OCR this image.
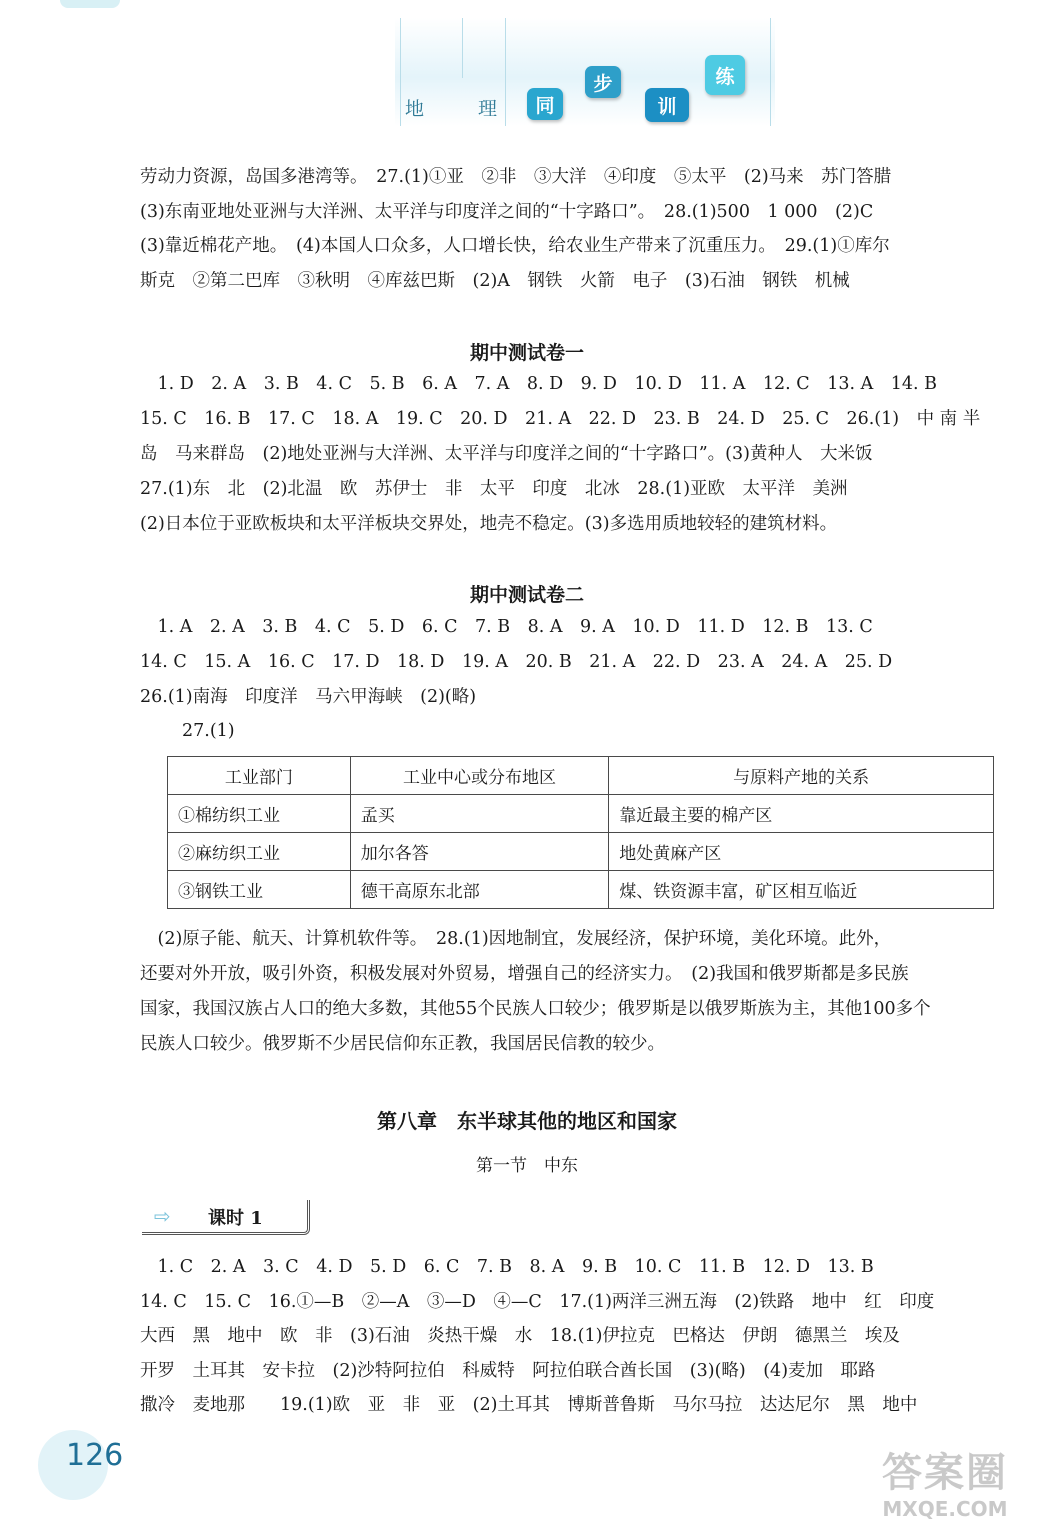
地 理 同
步
训
练

劳动力资源，岛国多港湾等。　27.(1)①亚　②非　③大洋　④印度　⑤太平　(2)马来　苏门答腊
(3)东南亚地处亚洲与大洋洲、太平洋与印度洋之间的“十字路口”。　28.(1)500　1 000　(2)C
(3)靠近棉花产地。　(4)本国人口众多，人口增长快，给农业生产带来了沉重压力。　29.(1)①库尔
斯克　②第二巴库　③秋明　④库兹巴斯　(2)A　钢铁　火箭　电子　(3)石油　钢铁　机械

期中测试卷一

　1. D　2. A　3. B　4. C　5. B　6. A　7. A　8. D　9. D　10. D　11. A　12. C　13. A　14. B
15. C　16. B　17. C　18. A　19. C　20. D　21. A　22. D　23. B　24. D　25. C　26.(1)　中 南 半
岛　马来群岛　(2)地处亚洲与大洋洲、太平洋与印度洋之间的“十字路口”。(3)黄种人　大米饭
27.(1)东　北　(2)北温　欧　苏伊士　非　太平　印度　北冰　28.(1)亚欧　太平洋　美洲
(2)日本位于亚欧板块和太平洋板块交界处，地壳不稳定。(3)多选用质地较轻的建筑材料。

期中测试卷二

　1. A　2. A　3. B　4. C　5. D　6. C　7. B　8. A　9. A　10. D　11. D　12. B　13. C
14. C　15. A　16. C　17. D　18. D　19. A　20. B　21. A　22. D　23. A　24. A　25. D
26.(1)南海　印度洋　马六甲海峡　(2)(略)

27.(1)
工业部门	工业中心或分布地区	与原料产地的关系
①棉纺织工业	孟买	靠近最主要的棉产区
②麻纺织工业	加尔各答	地处黄麻产区
③钢铁工业	德干高原东北部	煤、铁资源丰富，矿区相互临近

　(2)原子能、航天、计算机软件等。　28.(1)因地制宜，发展经济，保护环境，美化环境。此外，
还要对外开放，吸引外资，积极发展对外贸易，增强自己的经济实力。　(2)我国和俄罗斯都是多民族
国家，我国汉族占人口的绝大多数，其他55个民族人口较少；俄罗斯是以俄罗斯族为主，其他100多个
民族人口较少。俄罗斯不少居民信仰东正教，我国居民信教的较少。

第八章　东半球其他的地区和国家
第一节　中东
⇨ 课时 1

　1. C　2. A　3. C　4. D　5. D　6. C　7. B　8. A　9. B　10. C　11. B　12. D　13. B
14. C　15. C　16.①—B　②—A　③—D　④—C　17.(1)两洋三洲五海　(2)铁路　地中　红　印度
大西　黑　地中　欧　非　(3)石油　炎热干燥　水　18.(1)伊拉克　巴格达　伊朗　德黑兰　埃及
开罗　土耳其　安卡拉　(2)沙特阿拉伯　科威特　阿拉伯联合酋长国　(3)(略)　(4)麦加　耶路
撒冷　麦地那　　19.(1)欧　亚　非　亚　(2)土耳其　博斯普鲁斯　马尔马拉　达达尼尔　黑　地中

126	答案圈
MXQE.COM
